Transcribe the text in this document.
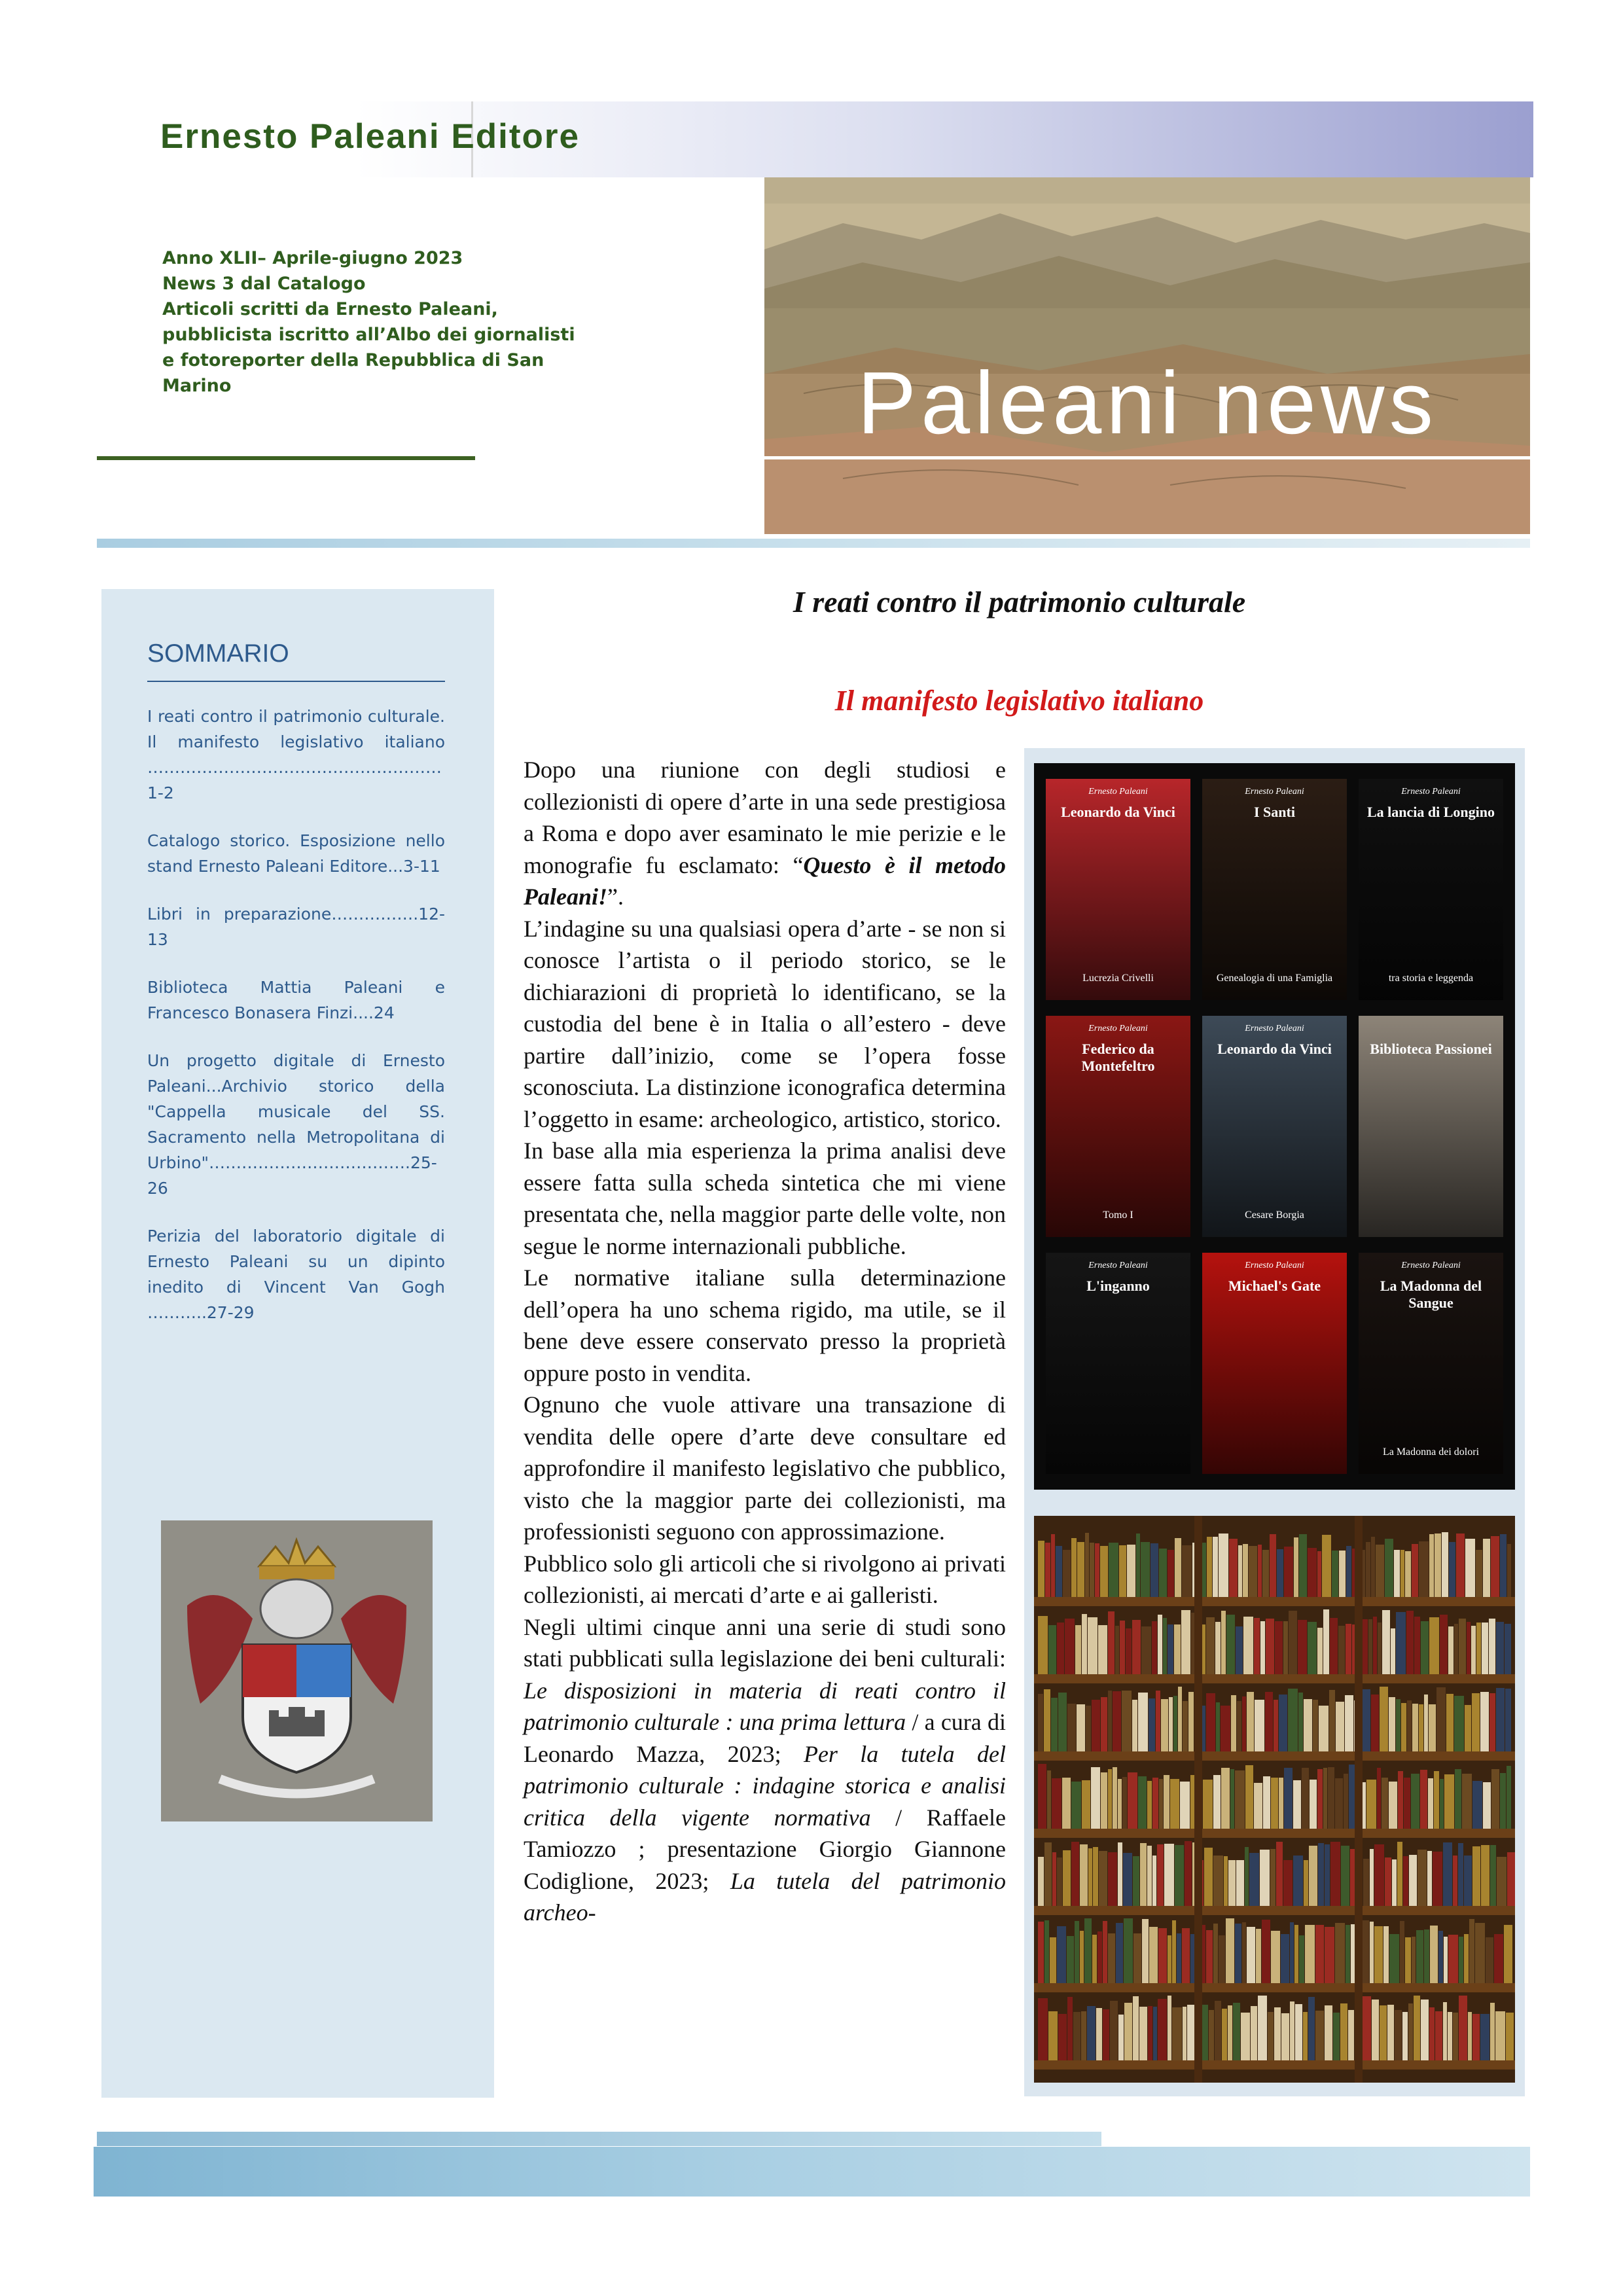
Ernesto Paleani Editore
Anno XLII– Aprile-giugno 2023
News 3 dal Catalogo
Articoli scritti da Ernesto Paleani,
pubblicista iscritto all’Albo dei giornalisti
e fotoreporter della Repubblica di San
Marino	Paleani news
SOMMARIO
I reati contro il patrimonio culturale. Il manifesto legislativo italiano ………………………………………………1-2
Catalogo storico. Esposizione nello stand Ernesto Paleani Editore...3-11
Libri in preparazione…………….12-13
Biblioteca Mattia Paleani e Francesco Bonasera Finzi....24
Un progetto digitale di Ernesto Paleani...Archivio storico della "Cappella musicale del SS. Sacramento nella Metropolitana di Urbino"……………………………….25-26
Perizia del laboratorio digitale di Ernesto Paleani su un dipinto inedito di Vincent Van Gogh ………..27-29
I reati contro il patrimonio culturale
Il manifesto legislativo italiano

Dopo una riunione con degli studiosi e collezionisti di opere d’arte in una sede prestigiosa a Roma e dopo aver esaminato le mie perizie e le monografie fu esclamato: “Questo è il metodo Paleani!”.

L’indagine su una qualsiasi opera d’arte - se non si conosce l’artista o il periodo storico, se le dichiarazioni di proprietà lo identificano, se la custodia del bene è in Italia o all’estero - deve partire dall’inizio, come se l’opera fosse sconosciuta. La distinzione iconografica determina l’oggetto in esame: archeologico, artistico, storico.

In base alla mia esperienza la prima analisi deve essere fatta sulla scheda sintetica che mi viene presentata che, nella maggior parte delle volte, non segue le norme internazionali pubbliche.

Le normative italiane sulla determinazione dell’opera ha uno schema rigido, ma utile, se il bene deve essere conservato presso la proprietà oppure posto in vendita.

Ognuno che vuole attivare una transazione di vendita delle opere d’arte deve consultare ed approfondire il manifesto legislativo che pubblico, visto che la maggior parte dei collezionisti, ma professionisti seguono con approssimazione.

Pubblico solo gli articoli che si rivolgono ai privati collezionisti, ai mercati d’arte e ai galleristi.

Negli ultimi cinque anni una serie di studi sono stati pubblicati sulla legislazione dei beni culturali: Le disposizioni in materia di reati contro il patrimonio culturale : una prima lettura / a cura di Leonardo Mazza, 2023; Per la tutela del patrimonio culturale : indagine storica e analisi critica della vigente normativa / Raffaele Tamiozzo ; presentazione Giorgio Giannone Codiglione, 2023; La tutela del patrimonio archeo-

Ernesto Paleani
Leonardo da Vinci
Lucrezia Crivelli
Ernesto Paleani
I Santi
Genealogia di una Famiglia
Ernesto Paleani
La lancia di Longino
tra storia e leggenda
Ernesto Paleani
Federico da Montefeltro
Tomo I
Ernesto Paleani
Leonardo da Vinci
Cesare Borgia
Biblioteca Passionei
Ernesto Paleani
L'inganno
Ernesto Paleani
Michael's Gate
Ernesto Paleani
La Madonna del Sangue
La Madonna dei dolori
